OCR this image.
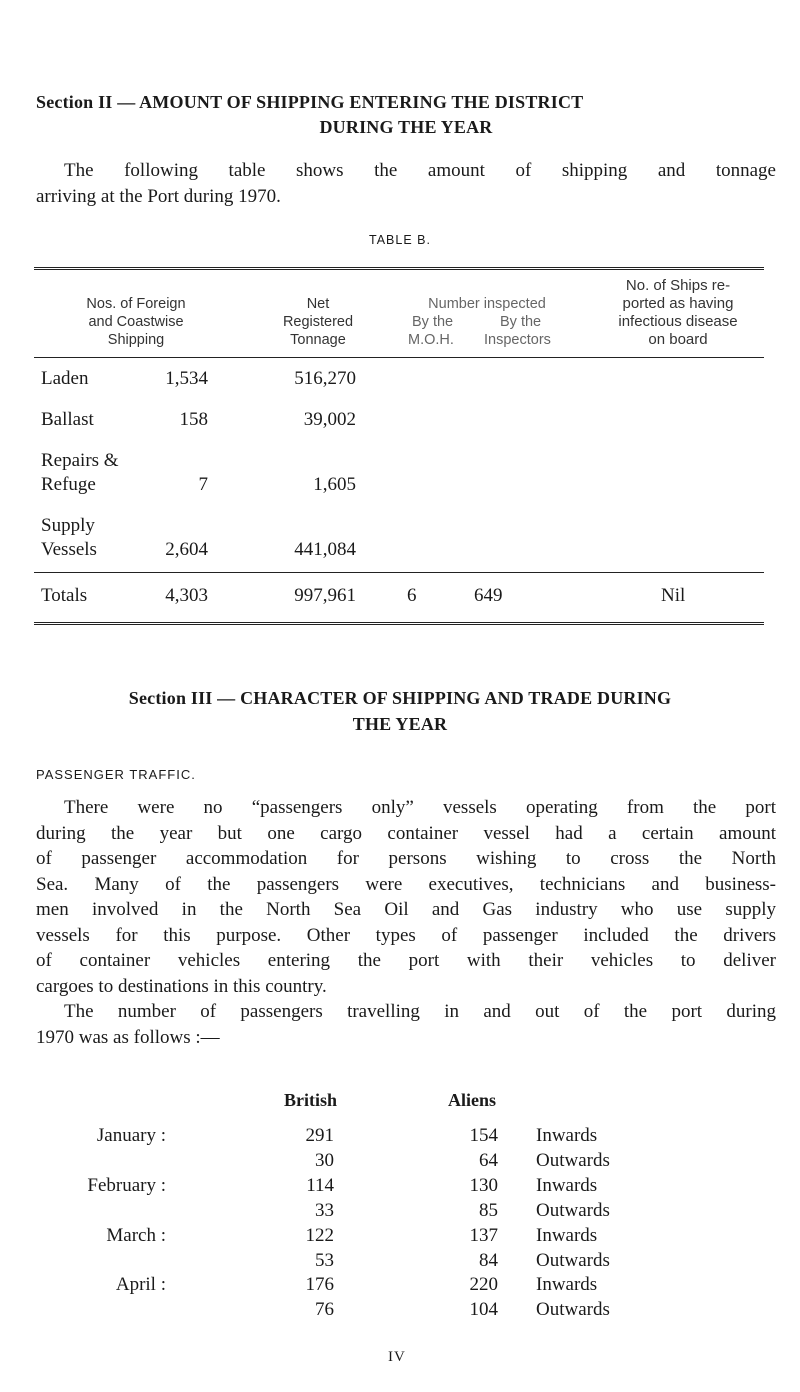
Section II — AMOUNT OF SHIPPING ENTERING THE DISTRICT
DURING THE YEAR
The following table shows the amount of shipping and tonnage
arriving at the Port during 1970.
TABLE B.
Nos. of Foreign
and Coastwise
Shipping
Net
Registered
Tonnage
Number inspected
By the	By the
M.O.H. Inspectors
No. of Ships re-
ported as having
infectious disease
on board
Laden	1,534	516,270
Ballast	158	39,002
Repairs &
Refuge	7	1,605
Supply
Vessels	2,604	441,084
Totals	4,303	997,961	6	649	Nil
Section III — CHARACTER OF SHIPPING AND TRADE DURING
THE YEAR
PASSENGER TRAFFIC.
There were no “passengers only” vessels operating from the port
during the year but one cargo container vessel had a certain amount
of passenger accommodation for persons wishing to cross the North
Sea. Many of the passengers were executives, technicians and business-
men involved in the North Sea Oil and Gas industry who use supply
vessels for this purpose. Other types of passenger included the drivers
of container vehicles entering the port with their vehicles to deliver
cargoes to destinations in this country.
The number of passengers travelling in and out of the port during
1970 was as follows :—
British	Aliens
January :	291	154 Inwards
30	64 Outwards
February :	114	130 Inwards
33	85 Outwards
March :	122	137 Inwards
53	84 Outwards
April :	176	220 Inwards
76	104 Outwards
IV
